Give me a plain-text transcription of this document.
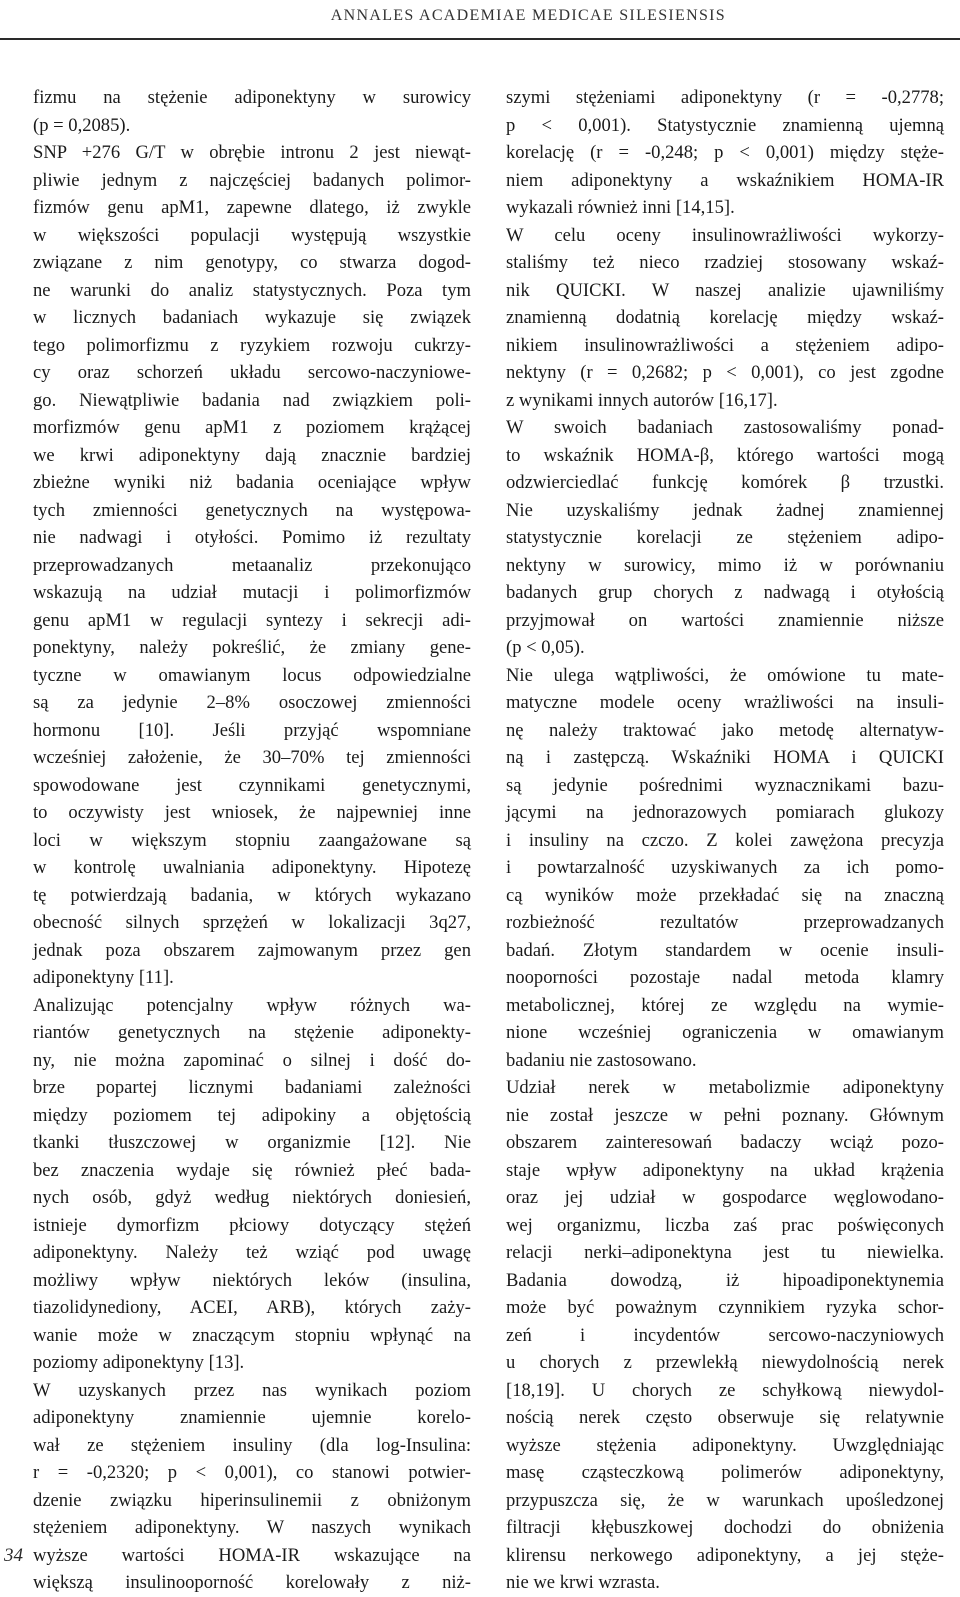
ANNALES ACADEMIAE MEDICAE SILESIENSIS
fizmu na stężenie adiponektyny w surowicy
(p = 0,2085).
SNP +276 G/T w obrębie intronu 2 jest niewąt-
pliwie jednym z najczęściej badanych polimor-
fizmów genu apM1, zapewne dlatego, iż zwykle
w większości populacji występują wszystkie
związane z nim genotypy, co stwarza dogod-
ne warunki do analiz statystycznych. Poza tym
w licznych badaniach wykazuje się związek
tego polimorfizmu z ryzykiem rozwoju cukrzy-
cy oraz schorzeń układu sercowo-naczyniowe-
go. Niewątpliwie badania nad związkiem poli-
morfizmów genu apM1 z poziomem krążącej
we krwi adiponektyny dają znacznie bardziej
zbieżne wyniki niż badania oceniające wpływ
tych zmienności genetycznych na występowa-
nie nadwagi i otyłości. Pomimo iż rezultaty
przeprowadzanych metaanaliz przekonująco
wskazują na udział mutacji i polimorfizmów
genu apM1 w regulacji syntezy i sekrecji adi-
ponektyny, należy pokreślić, że zmiany gene-
tyczne w omawianym locus odpowiedzialne
są za jedynie 2–8% osoczowej zmienności
hormonu [10]. Jeśli przyjąć wspomniane
wcześniej założenie, że 30–70% tej zmienności
spowodowane jest czynnikami genetycznymi,
to oczywisty jest wniosek, że najpewniej inne
loci w większym stopniu zaangażowane są
w kontrolę uwalniania adiponektyny. Hipotezę
tę potwierdzają badania, w których wykazano
obecność silnych sprzężeń w lokalizacji 3q27,
jednak poza obszarem zajmowanym przez gen
adiponektyny [11].
Analizując potencjalny wpływ różnych wa-
riantów genetycznych na stężenie adiponekty-
ny, nie można zapominać o silnej i dość do-
brze popartej licznymi badaniami zależności
między poziomem tej adipokiny a objętością
tkanki tłuszczowej w organizmie [12]. Nie
bez znaczenia wydaje się również płeć bada-
nych osób, gdyż według niektórych doniesień,
istnieje dymorfizm płciowy dotyczący stężeń
adiponektyny. Należy też wziąć pod uwagę
możliwy wpływ niektórych leków (insulina,
tiazolidynediony, ACEI, ARB), których zaży-
wanie może w znaczącym stopniu wpłynąć na
poziomy adiponektyny [13].
W uzyskanych przez nas wynikach poziom
adiponektyny znamiennie ujemnie korelo-
wał ze stężeniem insuliny (dla log-Insulina:
r = -0,2320; p < 0,001), co stanowi potwier-
dzenie związku hiperinsulinemii z obniżonym
stężeniem adiponektyny. W naszych wynikach
wyższe wartości HOMA-IR wskazujące na
większą insulinooporność korelowały z niż-
szymi stężeniami adiponektyny (r = -0,2778;
p < 0,001). Statystycznie znamienną ujemną
korelację (r = -0,248; p < 0,001) między stęże-
niem adiponektyny a wskaźnikiem HOMA-IR
wykazali również inni [14,15].
W celu oceny insulinowrażliwości wykorzy-
staliśmy też nieco rzadziej stosowany wskaź-
nik QUICKI. W naszej analizie ujawniliśmy
znamienną dodatnią korelację między wskaź-
nikiem insulinowrażliwości a stężeniem adipo-
nektyny (r = 0,2682; p < 0,001), co jest zgodne
z wynikami innych autorów [16,17].
W swoich badaniach zastosowaliśmy ponad-
to wskaźnik HOMA-β, którego wartości mogą
odzwierciedlać funkcję komórek β trzustki.
Nie uzyskaliśmy jednak żadnej znamiennej
statystycznie korelacji ze stężeniem adipo-
nektyny w surowicy, mimo iż w porównaniu
badanych grup chorych z nadwagą i otyłością
przyjmował on wartości znamiennie niższe
(p < 0,05).
Nie ulega wątpliwości, że omówione tu mate-
matyczne modele oceny wrażliwości na insuli-
nę należy traktować jako metodę alternatyw-
ną i zastępczą. Wskaźniki HOMA i QUICKI
są jedynie pośrednimi wyznacznikami bazu-
jącymi na jednorazowych pomiarach glukozy
i insuliny na czczo. Z kolei zawężona precyzja
i powtarzalność uzyskiwanych za ich pomo-
cą wyników może przekładać się na znaczną
rozbieżność rezultatów przeprowadzanych
badań. Złotym standardem w ocenie insuli-
nooporności pozostaje nadal metoda klamry
metabolicznej, której ze względu na wymie-
nione wcześniej ograniczenia w omawianym
badaniu nie zastosowano.
Udział nerek w metabolizmie adiponektyny
nie został jeszcze w pełni poznany. Głównym
obszarem zainteresowań badaczy wciąż pozo-
staje wpływ adiponektyny na układ krążenia
oraz jej udział w gospodarce węglowodano-
wej organizmu, liczba zaś prac poświęconych
relacji nerki–adiponektyna jest tu niewielka.
Badania dowodzą, iż hipoadiponektynemia
może być poważnym czynnikiem ryzyka schor-
zeń i incydentów sercowo-naczyniowych
u chorych z przewlekłą niewydolnością nerek
[18,19]. U chorych ze schyłkową niewydol-
nością nerek często obserwuje się relatywnie
wyższe stężenia adiponektyny. Uwzględniając
masę cząsteczkową polimerów adiponektyny,
przypuszcza się, że w warunkach upośledzonej
filtracji kłębuszkowej dochodzi do obniżenia
klirensu nerkowego adiponektyny, a jej stęże-
nie we krwi wzrasta.
34
